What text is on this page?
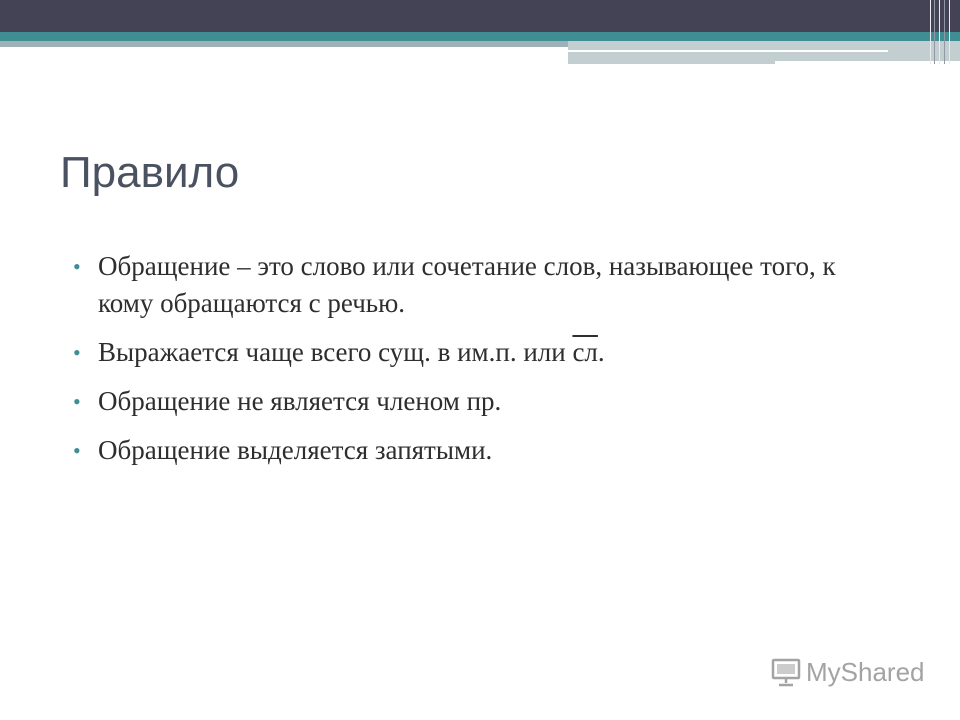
Правило
• Обращение – это слово или сочетание слов, называющее того, к кому обращаются с речью.
• Выражается чаще всего сущ. в им.п. или сл.
• Обращение не является членом пр.
• Обращение выделяется запятыми.
MyShared
